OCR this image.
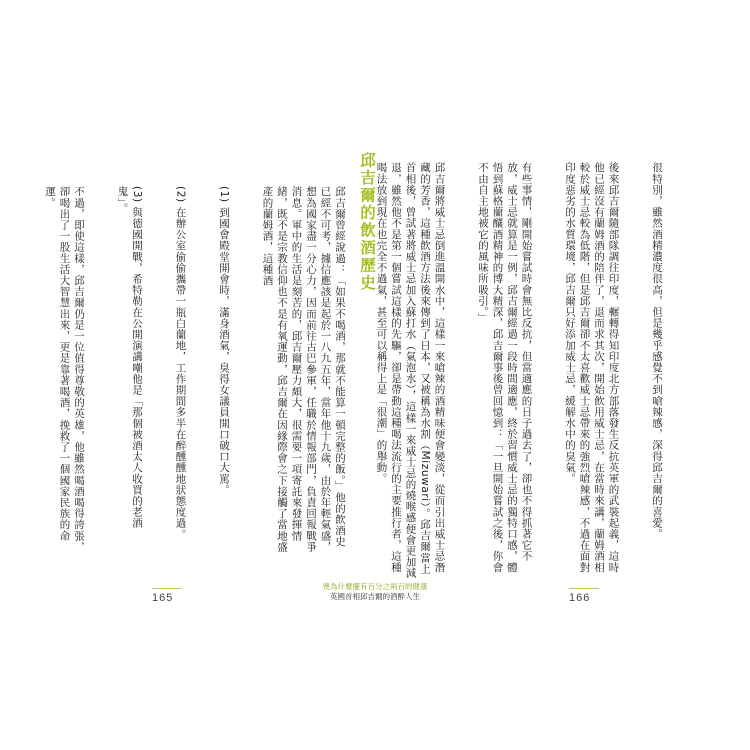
很特別，雖然酒精濃度很高，但是幾乎感覺不到嗆辣感，深得邱吉爾的喜愛。

後來邱吉爾隨部隊調往印度，輾轉得知印度北方部落發生反抗英軍的武裝起義，這時他已經沒有蘭姆酒的陪伴了，退而求其次，開始飲用威士忌，在當時來講，蘭姆酒相較於威士忌較為低階，但是邱吉爾卻不太喜歡威士忌帶來的強烈嗆辣感，不過在面對印度惡劣的水質環境，邱吉爾只好添加威士忌，緩解水中的臭氣。

有些事情，剛開始嘗試時會無比反抗，但當適應的日子過去了，卻也不得抓著它不放，威士忌就算是一例，邱吉爾經過一段時間適應，終於習慣威士忌的獨特口感，體悟到蘇格蘭釀酒精神的博大精深，邱吉爾事後曾回憶到：「一旦開始嘗試之後，你會不由自主地被它的風味所吸引。」

邱吉爾將威士忌倒進溫開水中，這樣一來嗆辣的酒精味便會變淡，從而引出威士忌潛藏的芳香，這種飲酒方法後來傳到了日本，又被稱為水割（Mizuwari）。邱吉爾當上首相後，曾試著將威士忌加入蘇打水（氣泡水），這樣一來威士忌的燒喉感便會更加減退，雖然他不是第一個嘗試這樣的先驅，卻是帶動這種喝法流行的主要推行者，這種喝法放到現在也完全不過氣，甚至可以稱得上是「很潮」的舉動。

邱吉爾的飲酒歷史

邱吉爾曾經說過：「如果不喝酒，那就不能算一頓完整的飯。」他的飲酒史已經不可考，據信應該是起於一八九五年，當年他十九歲，由於年輕氣盛，想為國家盡一分心力，因而前往古巴參軍，任職於情報部門，負責回報戰爭消息。軍中的生活是刻苦的，邱吉爾壓力頗大，很需要一項寄託來發揮情緒，既不是宗教信仰也不是有氧運動，邱吉爾在因緣際會之下接觸了當地盛產的蘭姆酒，這種酒

(1) 到國會殿堂開會時，滿身酒氣，臭得女議員開口破口大罵。

(2) 在辦公室偷偷攜帶一瓶白蘭地，工作期間多半在醉醺醺地狀態度過。

(3) 與德國開戰，希特勒在公開演講嘲他是「那個被酒太人收買的老酒鬼」。

不過，即使這樣，邱吉爾仍是一位值得尊敬的英雄，他雖然喝酒喝得誇張，卻喝出了一股生活大智慧出來，更是靠著喝酒，挽救了一個國家民族的命運。

165	166
喪為什麼擺有百分之兩百的健康
英國首相邱吉爾的酒醉人生
